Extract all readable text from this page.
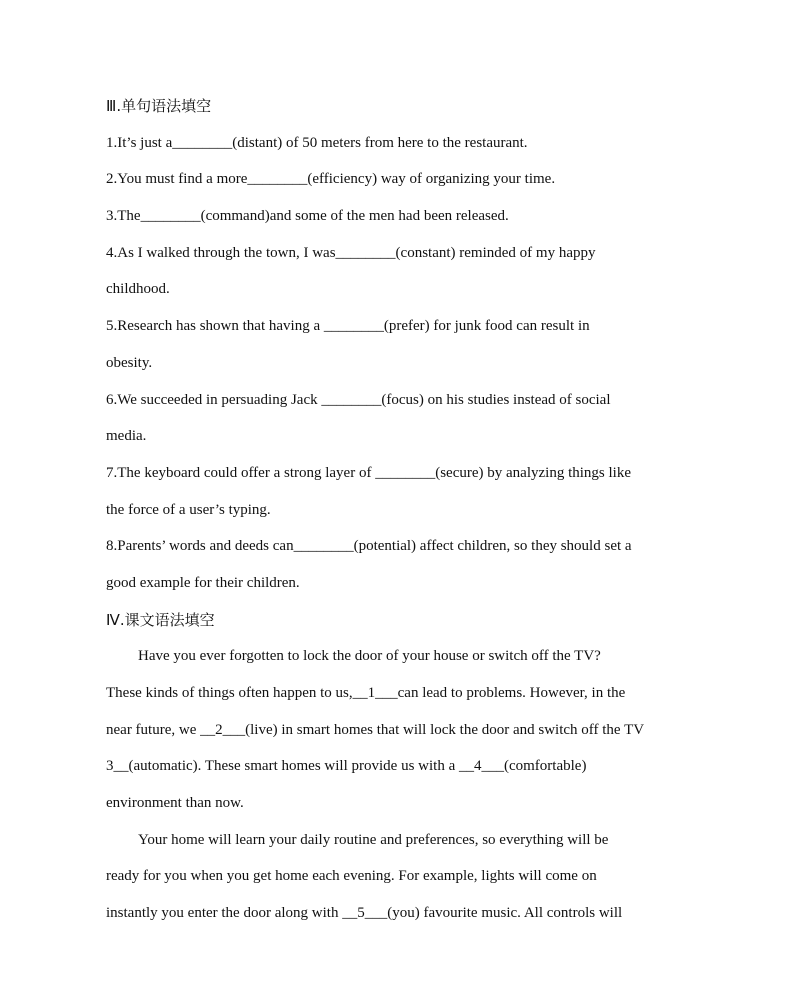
Ⅲ.单句语法填空
1.It’s just a________(distant) of 50 meters from here to the restaurant.
2.You must find a more________(efficiency) way of organizing your time.
3.The________(command)and some of the men had been released.
4.As I walked through the town, I was________(constant) reminded of my happy
childhood.
5.Research has shown that having a ________(prefer) for junk food can result in
obesity.
6.We succeeded in persuading Jack ________(focus) on his studies instead of social
media.
7.The keyboard could offer a strong layer of ________(secure) by analyzing things like
the force of a user’s typing.
8.Parents’ words and deeds can________(potential) affect children, so they should set a
good example for their children.
Ⅳ.课文语法填空
Have you ever forgotten to lock the door of your house or switch off the TV?
These kinds of things often happen to us,__1___can lead to problems. However, in the
near future, we __2___(live) in smart homes that will lock the door and switch off the TV
3__(automatic). These smart homes will provide us with a __4___(comfortable)
environment than now.
Your home will learn your daily routine and preferences, so everything will be
ready for you when you get home each evening. For example, lights will come on
instantly you enter the door along with __5___(you) favourite music. All controls will
